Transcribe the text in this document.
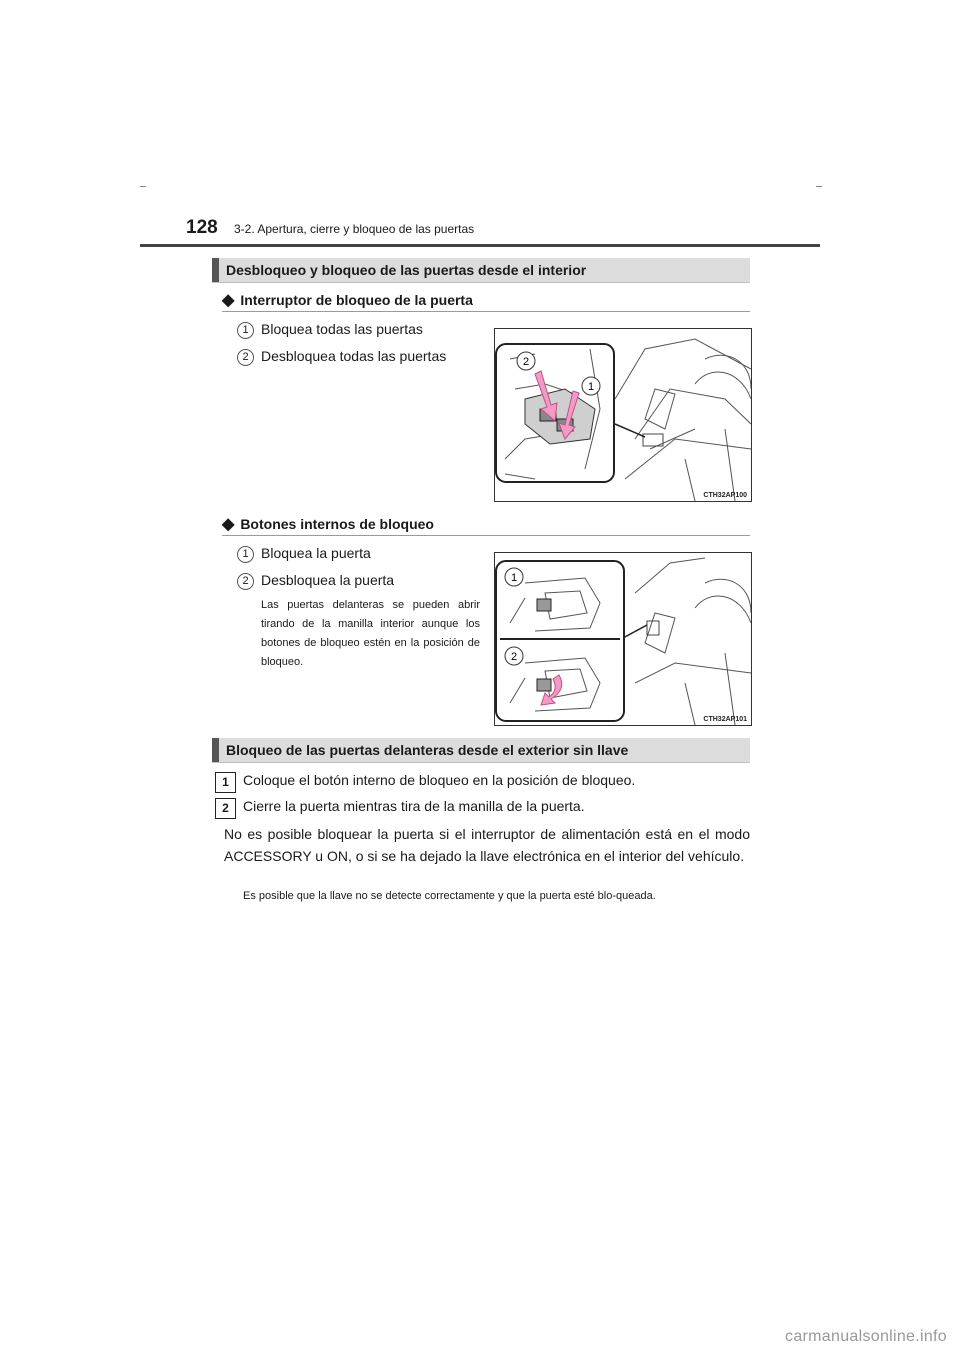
128 3-2. Apertura, cierre y bloqueo de las puertas
Desbloqueo y bloqueo de las puertas desde el interior
◆ Interruptor de bloqueo de la puerta
1 Bloquea todas las puertas
2 Desbloquea todas las puertas	2
1
CTH32AP100
◆ Botones internos de bloqueo
1 Bloquea la puerta
2 Desbloquea la puerta
Las puertas delanteras se pueden abrir tirando de la manilla interior aunque los botones de bloqueo estén en la posición de bloqueo.
1
2
CTH32AP101
Bloqueo de las puertas delanteras desde el exterior sin llave
1	Coloque el botón interno de bloqueo en la posición de bloqueo.
2	Cierre la puerta mientras tira de la manilla de la puerta.
No es posible bloquear la puerta si el interruptor de alimentación está en el modo ACCESSORY u ON, o si se ha dejado la llave electrónica en el interior del vehículo.
Es posible que la llave no se detecte correctamente y que la puerta esté blo-queada.
carmanualsonline.info
